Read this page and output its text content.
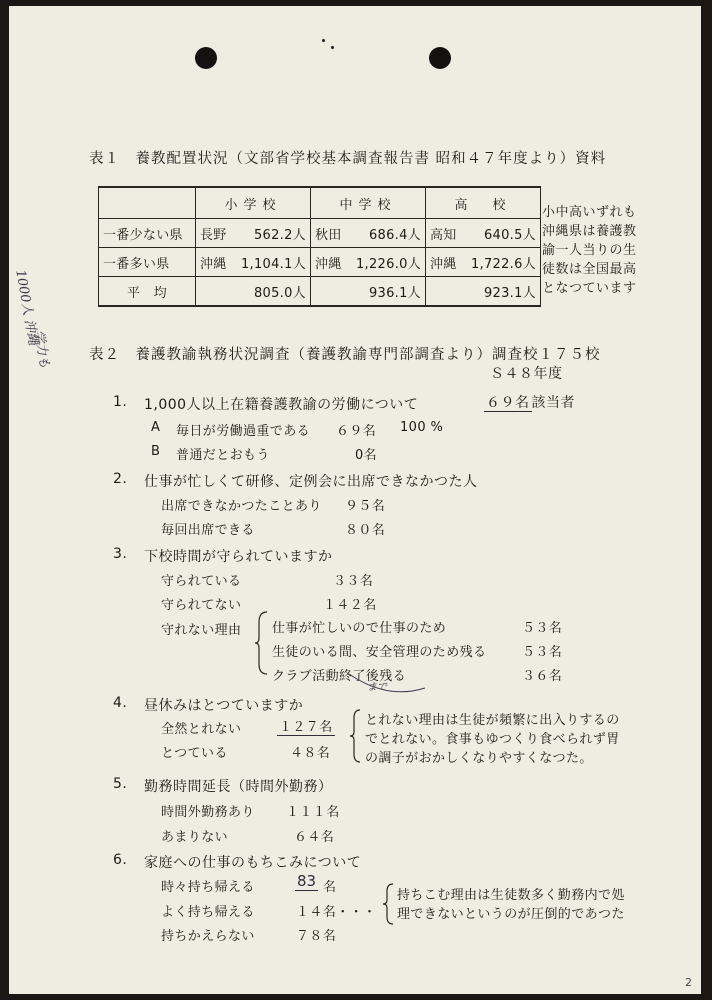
表１　養教配置状況（文部省学校基本調査報告書 昭和４７年度より）資料
	小学校	中学校	高　校
一番少ない県	長野 562.2人	秋田 686.4人	高知 640.5人

一番多い県	沖縄 1,104.1人	沖縄 1,226.0人	沖縄 1,722.6人

平　均	805.0人	936.1人	923.1人
小中高いずれも
沖縄県は養護教
諭一人当りの生
徒数は全国最高
となつています
1000人 沖縄
学力も	表２　養護教諭執務状況調査（養護教諭専門部調査より）調査校１７５校
Ｓ４８年度
1. 1,000人以上在籍養護教諭の労働について	６９名 該当者
A 毎日が労働過重である ６９名 100 %
B 普通だとおもう	0名
2. 仕事が忙しくて研修、定例会に出席できなかつた人
出席できなかつたことあり ９５名
毎回出席できる	８０名
3. 下校時間が守られていますか
守られている	３３名
守られてない	１４２名
守れない理由 仕事が忙しいので仕事のため	５３名
生徒のいる間、安全管理のため残る	５３名
クラブ活動終了後残る	３６名
まで
4. 昼休みはとつていますか
全然とれない	１２７名
とつている	４８名
とれない理由は生徒が頻繁に出入りするの
でとれない。食事もゆつくり食べられず胃
の調子がおかしくなりやすくなつた。
5. 勤務時間延長（時間外勤務）
時間外勤務あり １１１名
あまりない	６４名
6. 家庭への仕事のもちこみについて
時々持ち帰える	83 名
よく持ち帰える	１４名・・・
持ちかえらない	７８名
持ちこむ理由は生徒数多く勤務内で処
理できないというのが圧倒的であつた
2
